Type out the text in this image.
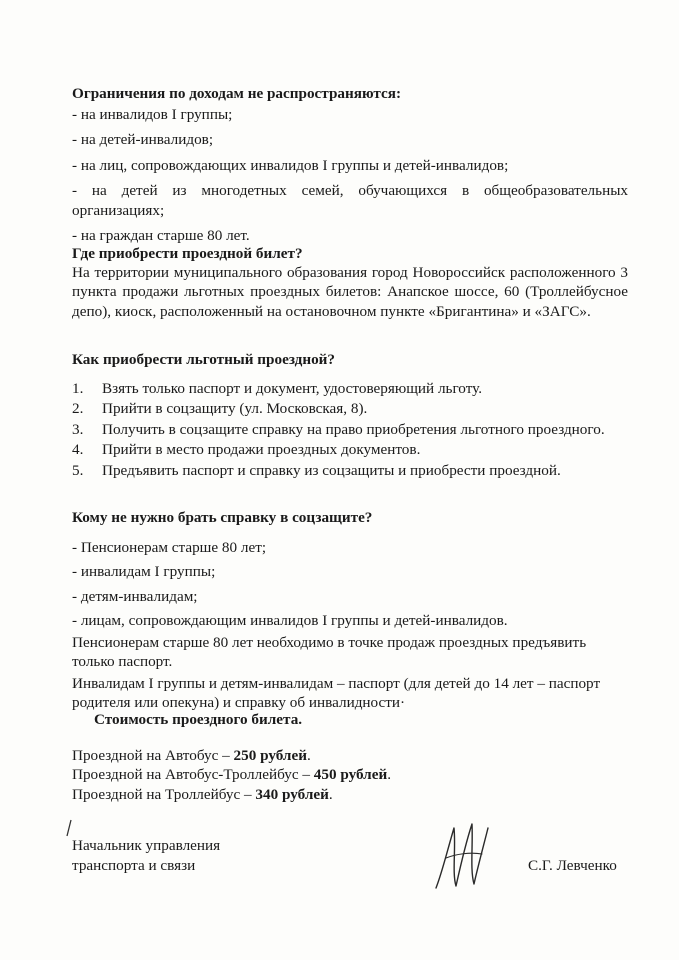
Ограничения по доходам не распространяются:

- на инвалидов I группы;

- на детей-инвалидов;

- на лиц, сопровождающих инвалидов I группы и детей-инвалидов;

- на детей из многодетных семей, обучающихся в общеобразовательных организациях;

- на граждан старше 80 лет.

Где приобрести проездной билет?

На территории муниципального образования город Новороссийск расположенного 3 пункта продажи льготных проездных билетов: Анапское шоссе, 60 (Троллейбусное депо), киоск, расположенный на остановочном пункте «Бригантина» и «ЗАГС».

Как приобрести льготный проездной?

1. Взять только паспорт и документ, удостоверяющий льготу.
2. Прийти в соцзащиту (ул. Московская, 8).
3. Получить в соцзащите справку на право приобретения льготного проездного.
4. Прийти в место продажи проездных документов.
5. Предъявить паспорт и справку из соцзащиты и приобрести проездной.

Кому не нужно брать справку в соцзащите?

- Пенсионерам старше 80 лет;

- инвалидам I группы;

- детям-инвалидам;

- лицам, сопровождающим инвалидов I группы и детей-инвалидов.

Пенсионерам старше 80 лет необходимо в точке продаж проездных предъявить только паспорт.

Инвалидам I группы и детям-инвалидам – паспорт (для детей до 14 лет – паспорт родителя или опекуна) и справку об инвалидности·

Стоимость проездного билета.

Проездной на Автобус – 250 рублей.

Проездной на Автобус-Троллейбус – 450 рублей.

Проездной на Троллейбус – 340 рублей.

Начальник управления

транспорта и связи	С.Г. Левченко
